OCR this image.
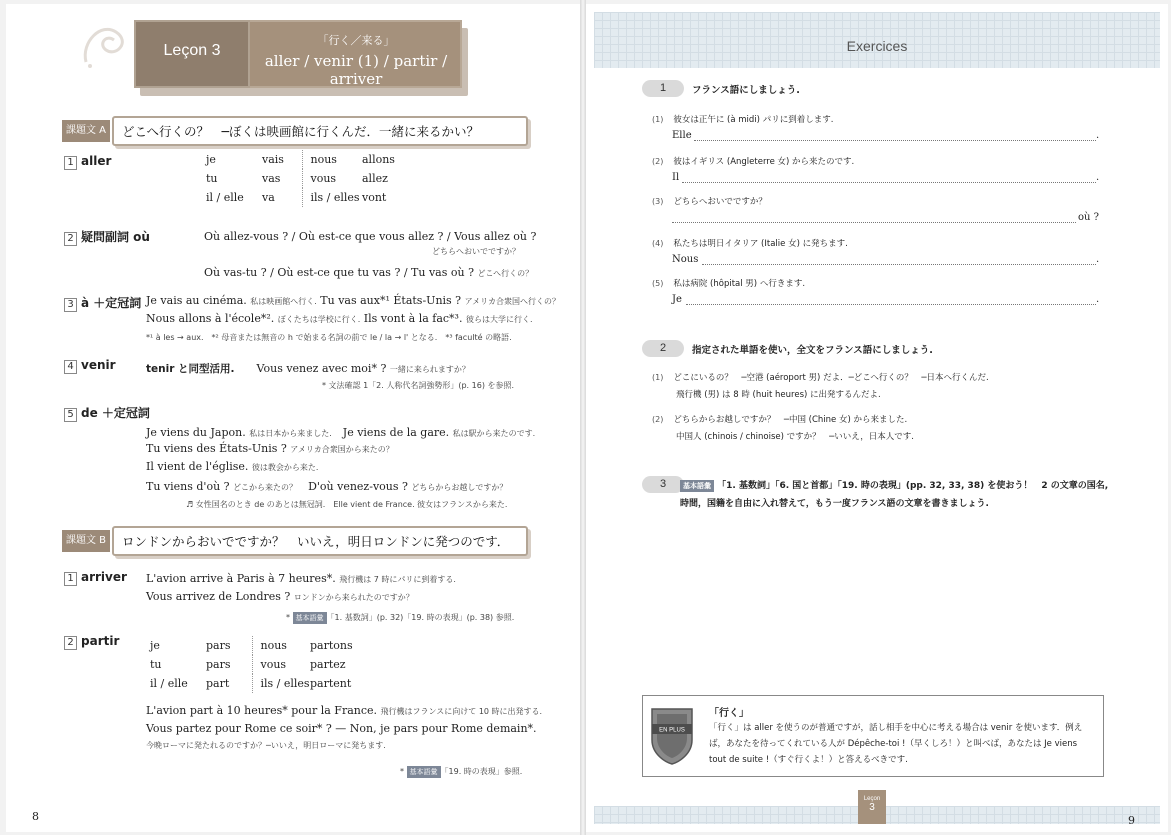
Leçon 3
「行く／来る」
aller / venir (1) / partir / arriver
課題文 A	どこへ行くの？　─ぼくは映画館に行くんだ．一緒に来るかい？
1 aller	je	vais	nous	allons
tu	vas	vous	allez
il / elle	va	ils / elles	vont
2 疑問副詞 où	Où allez-vous ? / Où est-ce que vous allez ? / Vous allez où ?
どちらへおいでですか？
Où vas-tu ? / Où est-ce que tu vas ? / Tu vas où ? どこへ行くの？
3 à ＋定冠詞 Je vais au cinéma. 私は映画館へ行く. Tu vas aux*¹ États-Unis ? アメリカ合衆国へ行くの？
Nous allons à l'école*². ぼくたちは学校に行く. Ils vont à la fac*³. 彼らは大学に行く.
*¹ à les → aux.　*² 母音または無音の h で始まる名詞の前で le / la → l' となる.　*³ faculté の略語.
4 venir	tenir と同型活用.　　 Vous venez avec moi* ? 一緒に来られますか？
* 文法確認 1「2. 人称代名詞強勢形」(p. 16) を参照.
5 de ＋定冠詞
Je viens du Japon. 私は日本から来ました.　 Je viens de la gare. 私は駅から来たのです.
Tu viens des États-Unis ? アメリカ合衆国から来たの？
Il vient de l'église. 彼は教会から来た.
Tu viens d'où ? どこから来たの？　 D'où venez-vous ? どちらからお越しですか？
♬ 女性国名のとき de のあとは無冠詞.　Elle vient de France. 彼女はフランスから来た.
課題文 B	ロンドンからおいでですか？　いいえ，明日ロンドンに発つのです．
1 arriver L'avion arrive à Paris à 7 heures*. 飛行機は 7 時にパリに到着する.
Vous arrivez de Londres ? ロンドンから来られたのですか？
* 基本語彙 「1. 基数詞」(p. 32)「19. 時の表現」(p. 38) 参照.
2 partir	je	pars	nous	partons
tu	pars	vous	partez
il / elle	part	ils / elles	partent
L'avion part à 10 heures* pour la France. 飛行機はフランスに向けて 10 時に出発する.
Vous partez pour Rome ce soir* ? — Non, je pars pour Rome demain*.
今晩ローマに発たれるのですか？─いいえ，明日ローマに発ちます.
* 基本語彙 「19. 時の表現」参照.
8
Exercices
1	フランス語にしましょう.
(1)　 彼女は正午に (à midi) パリに到着します.
Elle	.
(2)　 彼はイギリス (Angleterre 女) から来たのです.
Il	.
(3)　 どちらへおいでですか？
où ?
(4)　 私たちは明日イタリア (Italie 女) に発ちます.
Nous	.
(5)　 私は病院 (hôpital 男) へ行きます.
Je	.
2	指定された単語を使い，全文をフランス語にしましょう.
(1)　 どこにいるの？　─空港 (aéroport 男) だよ．─どこへ行くの？　─日本へ行くんだ.
飛行機 (男) は 8 時 (huit heures) に出発するんだよ.
(2)　 どちらからお越しですか？　─中国 (Chine 女) から来ました.
中国人 (chinois / chinoise) ですか？　─いいえ，日本人です.
3	基本語彙 「1. 基数詞」「6. 国と首都」「19. 時の表現」(pp. 32, 33, 38) を使おう！　2 の文章の国名,
時間，国籍を自由に入れ替えて，もう一度フランス語の文章を書きましょう.
EN PLUS
「行く」
「行く」は aller を使うのが普通ですが，話し相手を中心に考える場合は venir を使います．例えば，あなたを待ってくれている人が Dépêche-toi !（早くしろ！）と叫べば，あなたは Je viens tout de suite !（すぐ行くよ！）と答えるべきです.
Leçon
3
9
